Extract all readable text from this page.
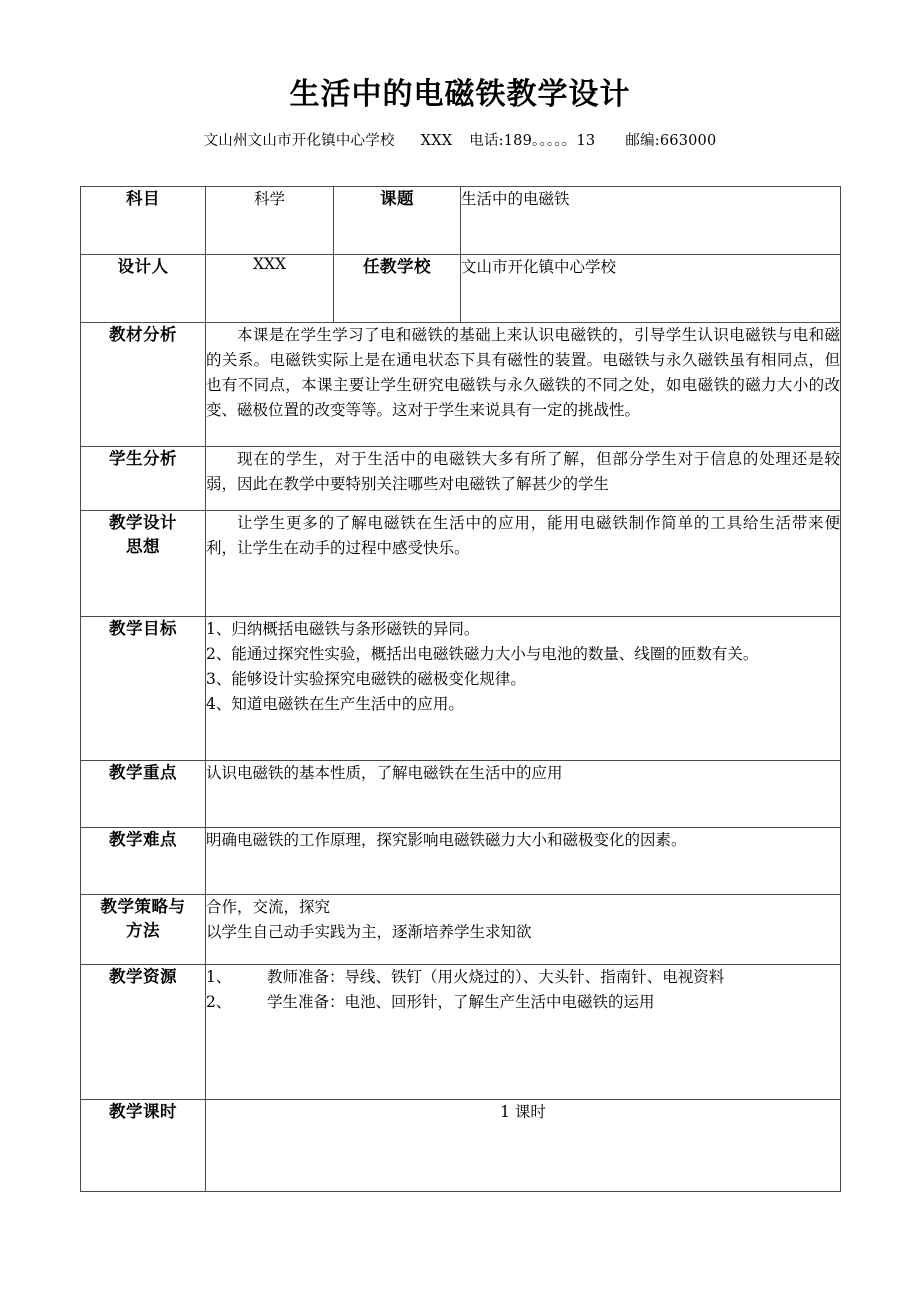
生活中的电磁铁教学设计
文山州文山市开化镇中心学校 XXX 电话:189。。。。。13 邮编:663000
科目	科学	课题	生活中的电磁铁
设计人	XXX	任教学校	文山市开化镇中心学校
教材分析	本课是在学生学习了电和磁铁的基础上来认识电磁铁的，引导学生认识电磁铁与电和磁的关系。电磁铁实际上是在通电状态下具有磁性的装置。电磁铁与永久磁铁虽有相同点，但也有不同点，本课主要让学生研究电磁铁与永久磁铁的不同之处，如电磁铁的磁力大小的改变、磁极位置的改变等等。这对于学生来说具有一定的挑战性。		
学生分析	现在的学生，对于生活中的电磁铁大多有所了解，但部分学生对于信息的处理还是较弱，因此在教学中要特别关注哪些对电磁铁了解甚少的学生		

教学设计
思想	让学生更多的了解电磁铁在生活中的应用，能用电磁铁制作简单的工具给生活带来便利，让学生在动手的过程中感受快乐。		
教学目标	1、归纳概括电磁铁与条形磁铁的异同。
2、能通过探究性实验，概括出电磁铁磁力大小与电池的数量、线圈的匝数有关。
3、能够设计实验探究电磁铁的磁极变化规律。
4、知道电磁铁在生产生活中的应用。		

教学重点	认识电磁铁的基本性质，了解电磁铁在生活中的应用		
教学难点	明确电磁铁的工作原理，探究影响电磁铁磁力大小和磁极变化的因素。		

教学策略与
方法	合作，交流，探究
以学生自己动手实践为主，逐渐培养学生求知欲		

教学资源	1、 教师准备：导线、铁钉（用火烧过的）、大头针、指南针、电视资料
2、 学生准备：电池、回形针，了解生产生活中电磁铁的运用		

教学课时	1 课时		
